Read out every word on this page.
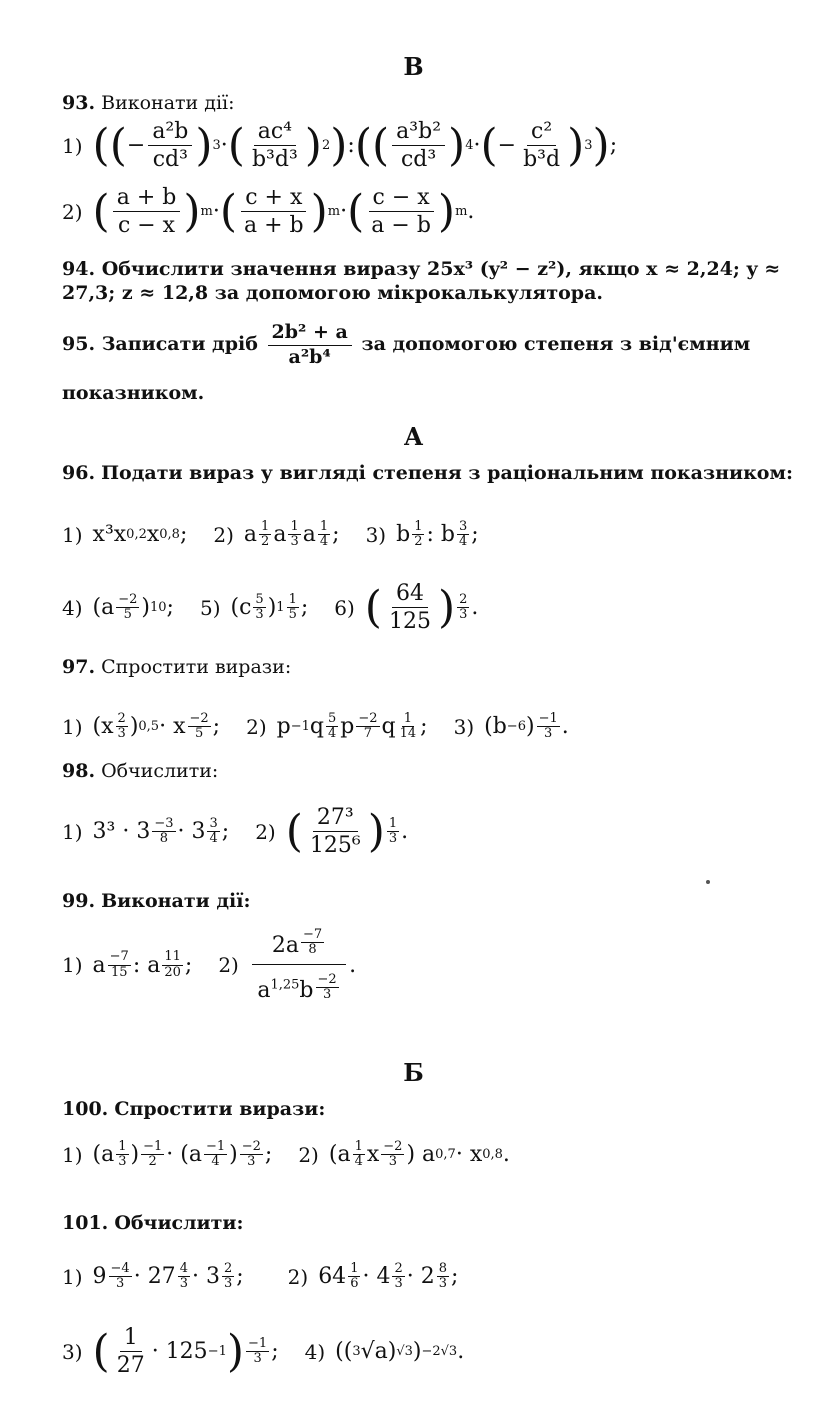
В
93. Виконати дії:
1) (( − $\frac{\text{a²b}}{\text{cd³}}$ ) 3 · ( $\frac{\text{ac⁴}}{\text{b³d³}}$ ) 2 ) : (( $\frac{\text{a³b²}}{\text{cd³}}$ ) 4 · ( − $\frac{\text{c²}}{\text{b³d}}$ ) 3 ) ;
2) ( $\frac{a + b}{c - x}$ ) m · ( $\frac{c + x}{a + b}$ ) m · ( $\frac{c - x}{a - b}$ ) m .
94. Обчислити значення виразу 25x³ (y² − z²), якщо x ≈ 2,24; y ≈ 27,3; z ≈ 12,8 за допомогою мікрокалькулятора.
95. Записати дріб $\frac{\text{2b² + a}}{\text{a²b⁴}}$ за допомогою степеня з від'ємним показником.
А
96. Подати вираз у вигляді степеня з раціональним показником:
1) x³x 0,2 x 0,8 ; 2) a 1
2 a 1
3 a 1
4 ; 3) b 1
2 : b 3
4 ;
4) (a −2
5 ) 10 ; 5) (c 5
3 ) 1
1
5 ; 6) ( $\frac{64}{125}$ ) 2
3 .
97. Спростити вирази:
1) (x 2
3 ) 0,5 · x −2
5 ; 2) p −1 q 5
4 p −2
7 q 1
14 ; 3) (b −6 ) −1
3 .
98. Обчислити:
1) 3³ · 3 −3
8 · 3 3
4 ; 2) ( $\frac{\text{27³}}{\text{125⁶}}$ ) 1
3 .
99. Виконати дії:
1) a −7
15 : a 11
20 ; $2) \frac{2a \frac{-7}{8}}{a^{1,25}b \frac{-2}{3}}$ .
Б
100. Спростити вирази:
1) (a 1
3 ) −1
2 · (a −1
4 ) −2
3 ; 2) (a 1
4 x −2
3 ) a 0,7 · x 0,8 .
101. Обчислити:
1) 9 −4
3 · 27 4
3 · 3 2
3 ; 2) 64 1
6 · 4 2
3 · 2 8
3 ;
3) ( $\frac{1}{27} \cdot 125 -1$ ) −1
3 ; 4) (( 3 √a) √3 ) −2√3 .
